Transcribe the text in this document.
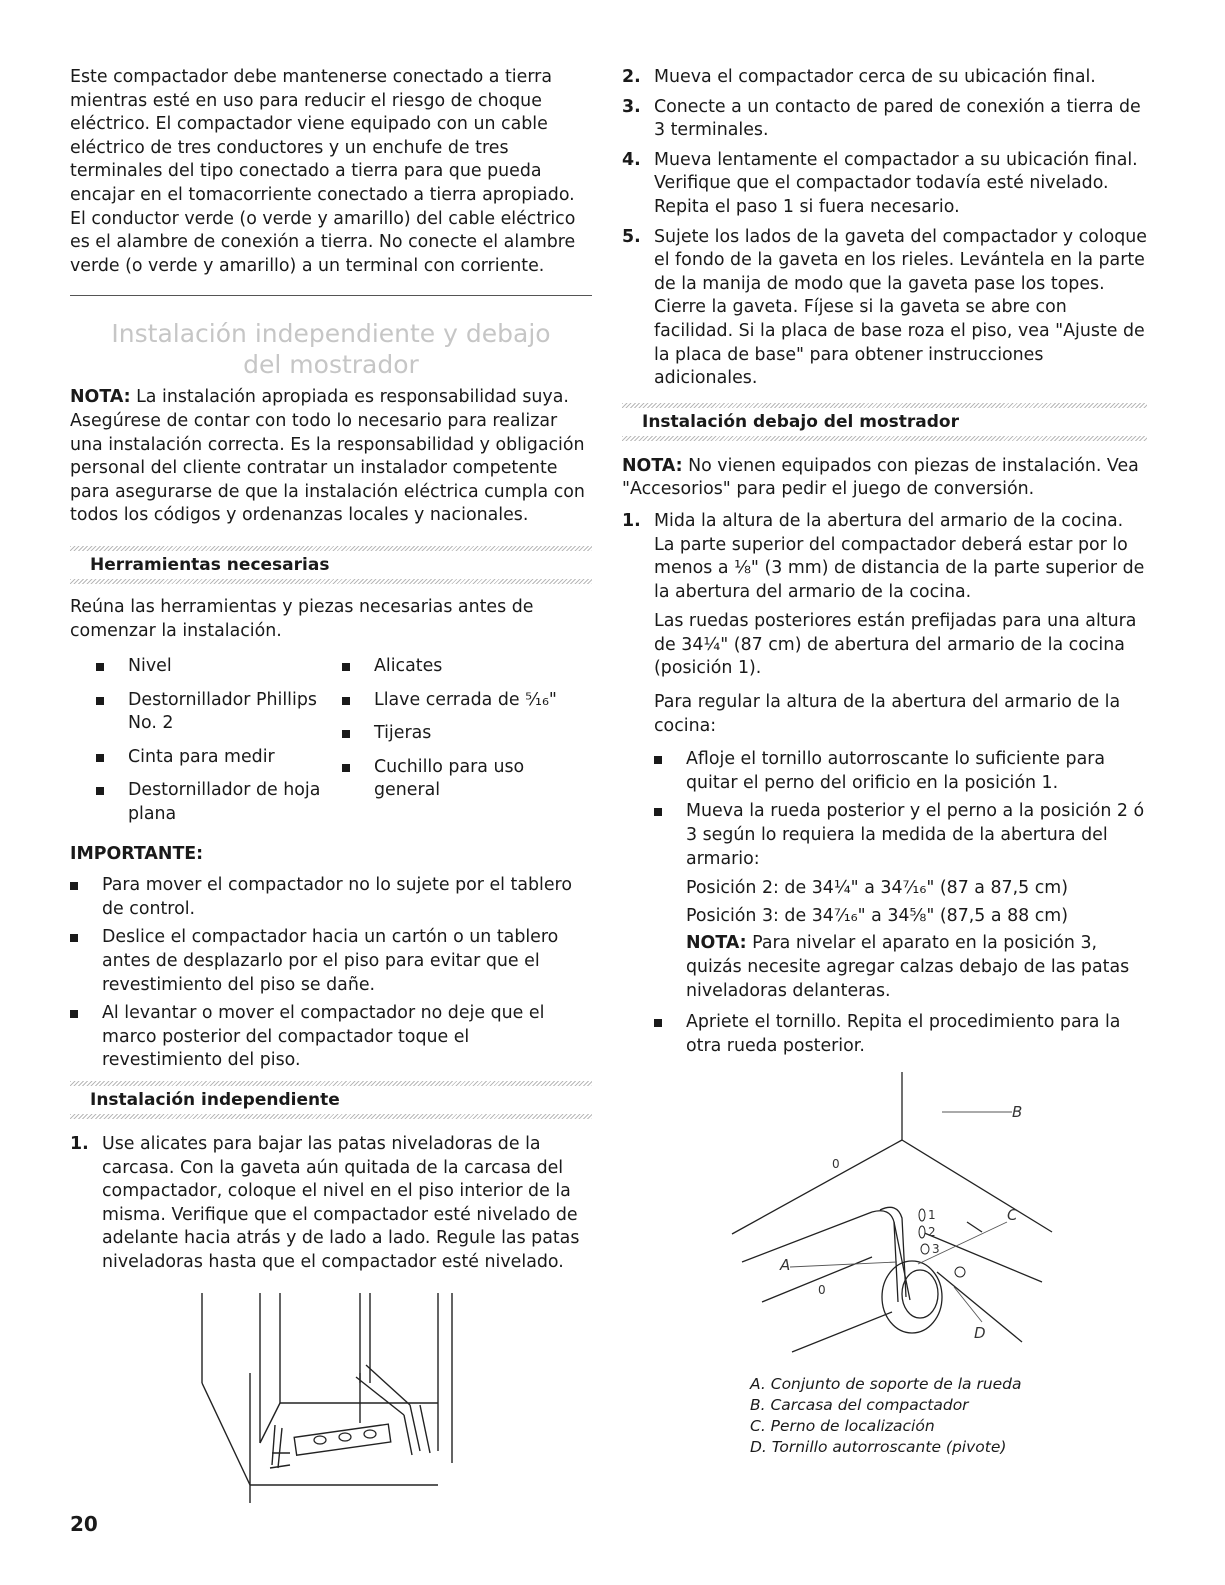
Este compactador debe mantenerse conectado a tierra mientras esté en uso para reducir el riesgo de choque eléctrico. El compactador viene equipado con un cable eléctrico de tres conductores y un enchufe de tres terminales del tipo conectado a tierra para que pueda encajar en el tomacorriente conectado a tierra apropiado. El conductor verde (o verde y amarillo) del cable eléctrico es el alambre de conexión a tierra. No conecte el alambre verde (o verde y amarillo) a un terminal con corriente.

Instalación independiente y debajo
del mostrador

NOTA: La instalación apropiada es responsabilidad suya. Asegúrese de contar con todo lo necesario para realizar una instalación correcta. Es la responsabilidad y obligación personal del cliente contratar un instalador competente para asegurarse de que la instalación eléctrica cumpla con todos los códigos y ordenanzas locales y nacionales.

Herramientas necesarias

Reúna las herramientas y piezas necesarias antes de comenzar la instalación.

Nivel
Destornillador Phillips No. 2
Cinta para medir
Destornillador de hoja plana
Alicates
Llave cerrada de ⁵⁄₁₆"
Tijeras
Cuchillo para uso general

IMPORTANTE:

Para mover el compactador no lo sujete por el tablero de control.
Deslice el compactador hacia un cartón o un tablero antes de desplazarlo por el piso para evitar que el revestimiento del piso se dañe.
Al levantar o mover el compactador no deje que el marco posterior del compactador toque el revestimiento del piso.
Instalación independiente
1. Use alicates para bajar las patas niveladoras de la carcasa. Con la gaveta aún quitada de la carcasa del compactador, coloque el nivel en el piso interior de la misma. Verifique que el compactador esté nivelado de adelante hacia atrás y de lado a lado. Regule las patas niveladoras hasta que el compactador esté nivelado.
2. Mueva el compactador cerca de su ubicación final.
3. Conecte a un contacto de pared de conexión a tierra de 3 terminales.
4. Mueva lentamente el compactador a su ubicación final. Verifique que el compactador todavía esté nivelado. Repita el paso 1 si fuera necesario.
5. Sujete los lados de la gaveta del compactador y coloque el fondo de la gaveta en los rieles. Levántela en la parte de la manija de modo que la gaveta pase los topes. Cierre la gaveta. Fíjese si la gaveta se abre con facilidad. Si la placa de base roza el piso, vea "Ajuste de la placa de base" para obtener instrucciones adicionales.
Instalación debajo del mostrador

NOTA: No vienen equipados con piezas de instalación. Vea "Accesorios" para pedir el juego de conversión.

1. Mida la altura de la abertura del armario de la cocina. La parte superior del compactador deberá estar por lo menos a ⅛" (3 mm) de distancia de la parte superior de la abertura del armario de la cocina.

Las ruedas posteriores están prefijadas para una altura de 34¼" (87 cm) de abertura del armario de la cocina (posición 1).

Para regular la altura de la abertura del armario de la cocina:

Afloje el tornillo autorroscante lo suficiente para quitar el perno del orificio en la posición 1.
Mueva la rueda posterior y el perno a la posición 2 ó 3 según lo requiera la medida de la abertura del armario:

Posición 2: de 34¼" a 34⁷⁄₁₆" (87 a 87,5 cm)

Posición 3: de 34⁷⁄₁₆" a 34⅝" (87,5 a 88 cm)

NOTA: Para nivelar el aparato en la posición 3, quizás necesite agregar calzas debajo de las patas niveladoras delanteras.

Apriete el tornillo. Repita el procedimiento para la otra rueda posterior.
B
C
A
D
1
2
3
0
0

A. Conjunto de soporte de la rueda

B. Carcasa del compactador

C. Perno de localización

D. Tornillo autorroscante (pivote)

20
